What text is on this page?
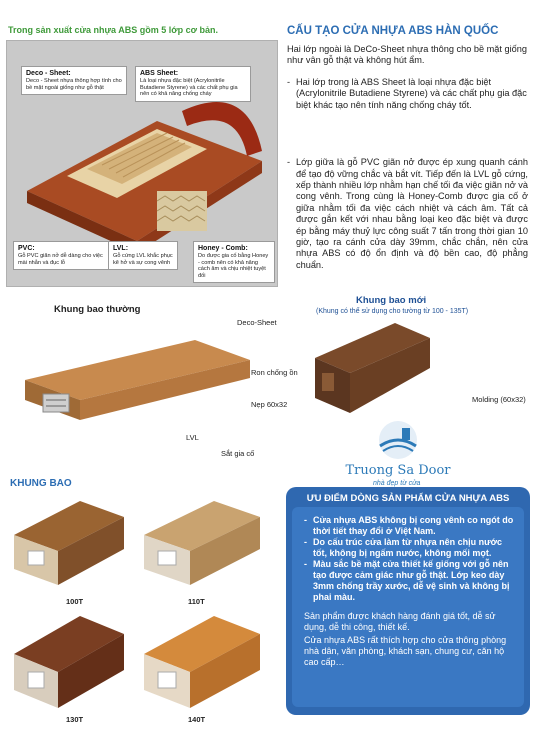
Trong sản xuất cửa nhựa ABS gồm 5 lớp cơ bản.
Deco - Sheet:
Deco - Sheet nhựa thông hợp tính cho bề mặt ngoài giống như gỗ thật
ABS Sheet:
Là loại nhựa đặc biệt (Acrylonitrile Butadiene Styrene) và các chất phụ gia nên có khả năng chống cháy
PVC:
Gỗ PVC giãn nở dễ dàng cho việc mài nhẵn và đục lỗ
LVL:
Gỗ cứng LVL khắc phục kẽ hở và sự cong vênh
Honey - Comb:
Do được gia cố bằng Honey - comb nên có khả năng cách âm và chịu nhiệt tuyệt đối
CẤU TẠO CỬA NHỰA ABS HÀN QUỐC
Hai lớp ngoài là DeCo-Sheet nhựa thông cho bề mặt giống như vân gỗ thật và không hút ẩm.
- Hai lớp trong là ABS Sheet là loại nhựa đặc biệt (Acrylonitrile Butadiene Styrene) và các chất phụ gia đặc biệt khác tạo nên tính năng chống cháy tốt.
- Lớp giữa là gỗ PVC giãn nở được ép xung quanh cánh để tạo độ vững chắc và bắt vít. Tiếp đến là LVL gỗ cứng, xếp thành nhiều lớp nhằm hạn chế tối đa việc giãn nở và cong vênh. Trong cùng là Honey-Comb được gia cố ở giữa nhằm tối đa việc cách nhiệt và cách âm. Tất cả được gắn kết với nhau bằng loại keo đặc biệt và được ép bằng máy thuỷ lực công suất 7 tấn trong thời gian 10 giờ, tạo ra cánh cửa dày 39mm, chắc chắn, nên cửa nhựa ABS có độ ổn định và độ bền cao, độ phẳng chuẩn.
Khung bao thường
Khung bao mới
(Khung có thể sử dụng cho tường từ 100 - 135T)
Deco-Sheet
LVL
Sắt gia cố
Ron chống ồn
Nẹp 60x32
Molding (60x32)
Truong Sa Door
nhà đẹp từ cửa
KHUNG BAO
100T	110T
130T	140T
ƯU ĐIỂM DÒNG SẢN PHẨM CỬA NHỰA ABS
- Cửa nhựa ABS không bị cong vênh co ngót do thời tiết thay đổi ở Việt Nam.
- Do cấu trúc cửa làm từ nhựa nên chịu nước tốt, không bị ngấm nước, không mối mọt.
- Màu sắc bề mặt cửa thiết kế giống với gỗ nên tạo được cảm giác như gỗ thật. Lớp keo dày 3mm chống trầy xước, dễ vệ sinh và không bị phai màu.
Sản phẩm được khách hàng đánh giá tốt, dễ sử dụng, dễ thi công, thiết kế.
Cửa nhựa ABS rất thích hợp cho cửa thông phòng nhà dân, văn phòng, khách sạn, chung cư, căn hộ cao cấp…
